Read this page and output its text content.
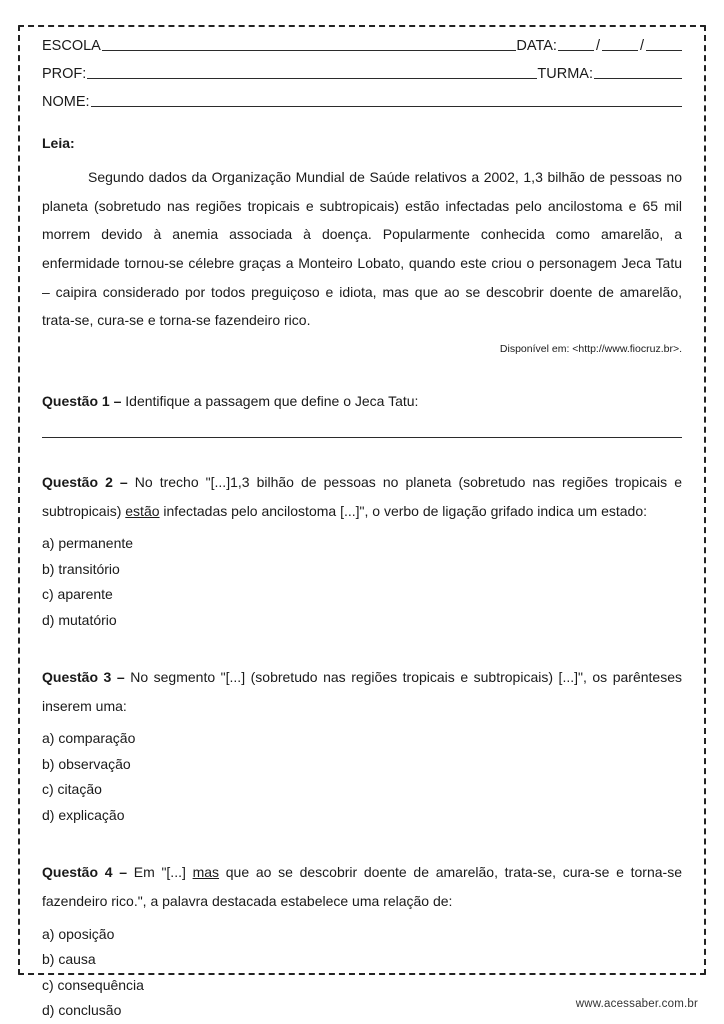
ESCOLA	DATA:	/	/
PROF:	TURMA:
NOME:
Leia:

Segundo dados da Organização Mundial de Saúde relativos a 2002, 1,3 bilhão de pessoas no planeta (sobretudo nas regiões tropicais e subtropicais) estão infectadas pelo ancilostoma e 65 mil morrem devido à anemia associada à doença. Popularmente conhecida como amarelão, a enfermidade tornou-se célebre graças a Monteiro Lobato, quando este criou o personagem Jeca Tatu – caipira considerado por todos preguiçoso e idiota, mas que ao se descobrir doente de amarelão, trata-se, cura-se e torna-se fazendeiro rico.

Disponível em: <http://www.fiocruz.br>.

Questão 1 – Identifique a passagem que define o Jeca Tatu:

Questão 2 – No trecho "[...]1,3 bilhão de pessoas no planeta (sobretudo nas regiões tropicais e subtropicais) estão infectadas pelo ancilostoma [...]", o verbo de ligação grifado indica um estado:

a) permanente
b) transitório
c) aparente
d) mutatório

Questão 3 – No segmento "[...] (sobretudo nas regiões tropicais e subtropicais) [...]", os parênteses inserem uma:

a) comparação
b) observação
c) citação
d) explicação

Questão 4 – Em "[...] mas que ao se descobrir doente de amarelão, trata-se, cura-se e torna-se fazendeiro rico.", a palavra destacada estabelece uma relação de:

a) oposição
b) causa
c) consequência
d) conclusão	www.acessaber.com.br
